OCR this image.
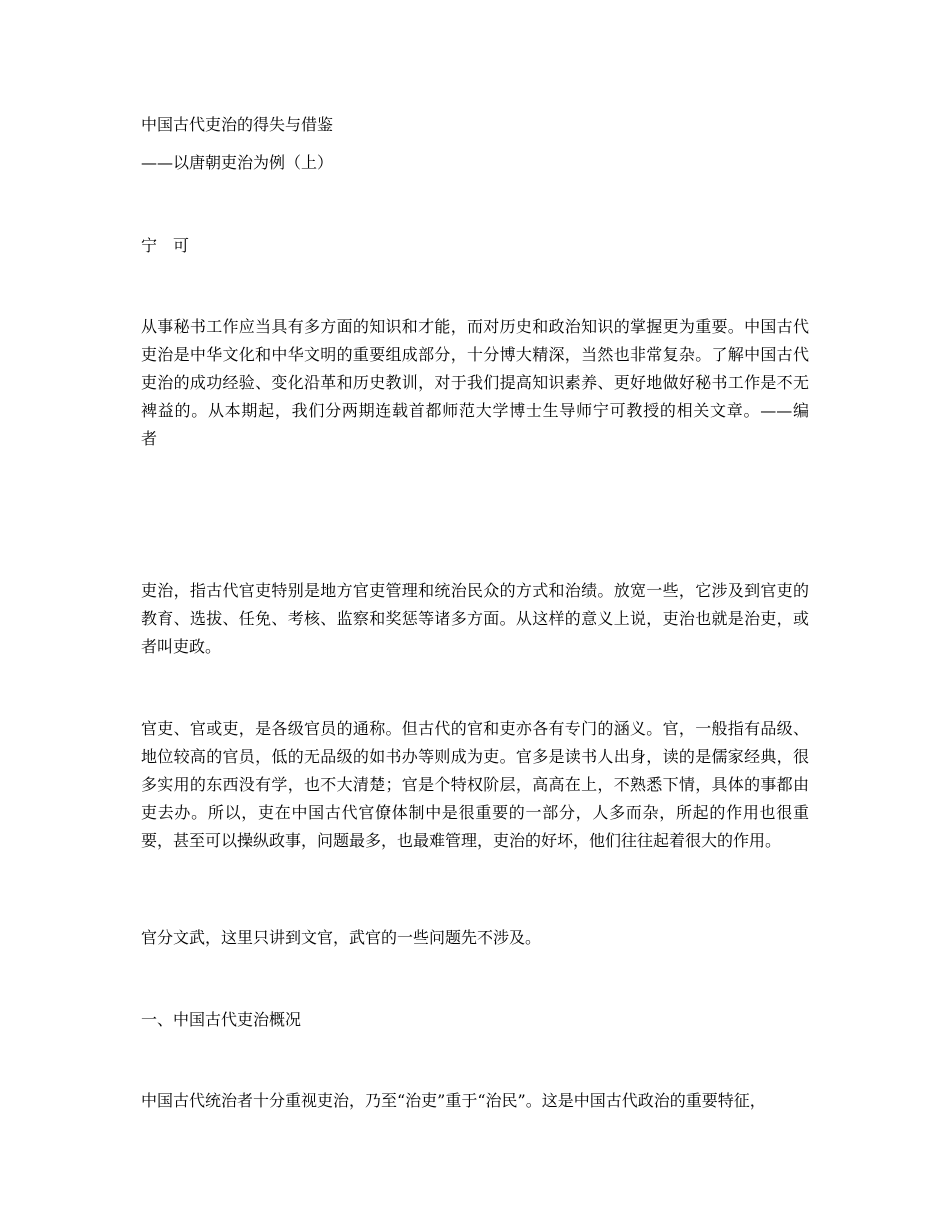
中国古代吏治的得失与借鉴

——以唐朝吏治为例（上）

宁　可

从事秘书工作应当具有多方面的知识和才能，而对历史和政治知识的掌握更为重要。中国古代吏治是中华文化和中华文明的重要组成部分，十分博大精深，当然也非常复杂。了解中国古代吏治的成功经验、变化沿革和历史教训，对于我们提高知识素养、更好地做好秘书工作是不无裨益的。从本期起，我们分两期连载首都师范大学博士生导师宁可教授的相关文章。——编　者

吏治，指古代官吏特别是地方官吏管理和统治民众的方式和治绩。放宽一些，它涉及到官吏的教育、选拔、任免、考核、监察和奖惩等诸多方面。从这样的意义上说，吏治也就是治吏，或者叫吏政。

官吏、官或吏，是各级官员的通称。但古代的官和吏亦各有专门的涵义。官，一般指有品级、地位较高的官员，低的无品级的如书办等则成为吏。官多是读书人出身，读的是儒家经典，很多实用的东西没有学，也不大清楚；官是个特权阶层，高高在上，不熟悉下情，具体的事都由吏去办。所以，吏在中国古代官僚体制中是很重要的一部分，人多而杂，所起的作用也很重要，甚至可以操纵政事，问题最多，也最难管理，吏治的好坏，他们往往起着很大的作用。

官分文武，这里只讲到文官，武官的一些问题先不涉及。

一、中国古代吏治概况

中国古代统治者十分重视吏治，乃至“治吏”重于“治民”。这是中国古代政治的重要特征，
